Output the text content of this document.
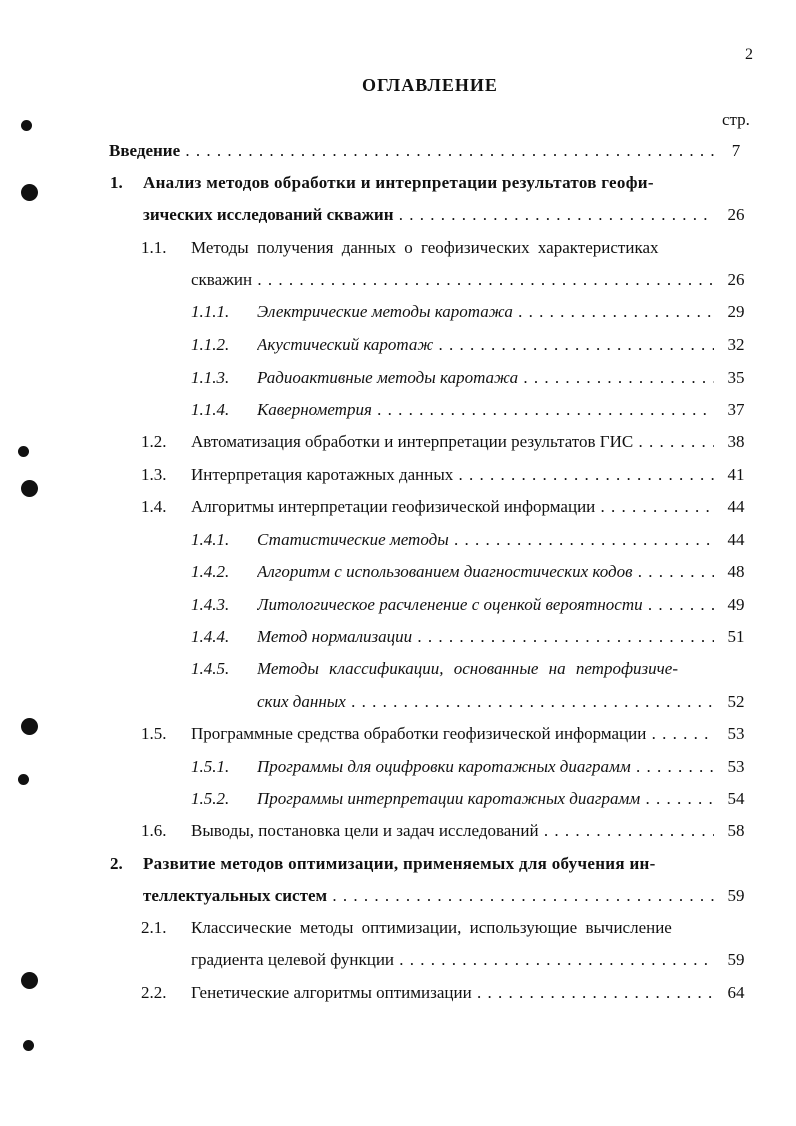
2
ОГЛАВЛЕНИЕ
стр.
Введение . . .	7
1. Анализ методов обработки и интерпретации результатов геофи-
зических исследований скважин . . .	26
1.1. Методы получения данных о геофизических характеристиках
скважин . . .	26
1.1.1. Электрические методы каротажа . . .	29
1.1.2. Акустический каротаж . . .	32
1.1.3. Радиоактивные методы каротажа . . .	35
1.1.4. Кавернометрия . . .	37
1.2. Автоматизация обработки и интерпретации результатов ГИС . . .	38
1.3. Интерпретация каротажных данных . . .	41
1.4. Алгоритмы интерпретации геофизической информации . . .	44
1.4.1. Статистические методы . . .	44
1.4.2. Алгоритм с использованием диагностических кодов . . .	48
1.4.3. Литологическое расчленение с оценкой вероятности . . .	49
1.4.4. Метод нормализации . . .	51
1.4.5. Методы классификации, основанные на петрофизиче-
ских данных . . .	52
1.5. Программные средства обработки геофизической информации . . .	53
1.5.1. Программы для оцифровки каротажных диаграмм . . .	53
1.5.2. Программы интерпретации каротажных диаграмм . . .	54
1.6. Выводы, постановка цели и задач исследований . . .	58
2. Развитие методов оптимизации, применяемых для обучения ин-
теллектуальных систем . . .	59
2.1. Классические методы оптимизации, использующие вычисление
градиента целевой функции . . .	59
2.2. Генетические алгоритмы оптимизации . . .	64
